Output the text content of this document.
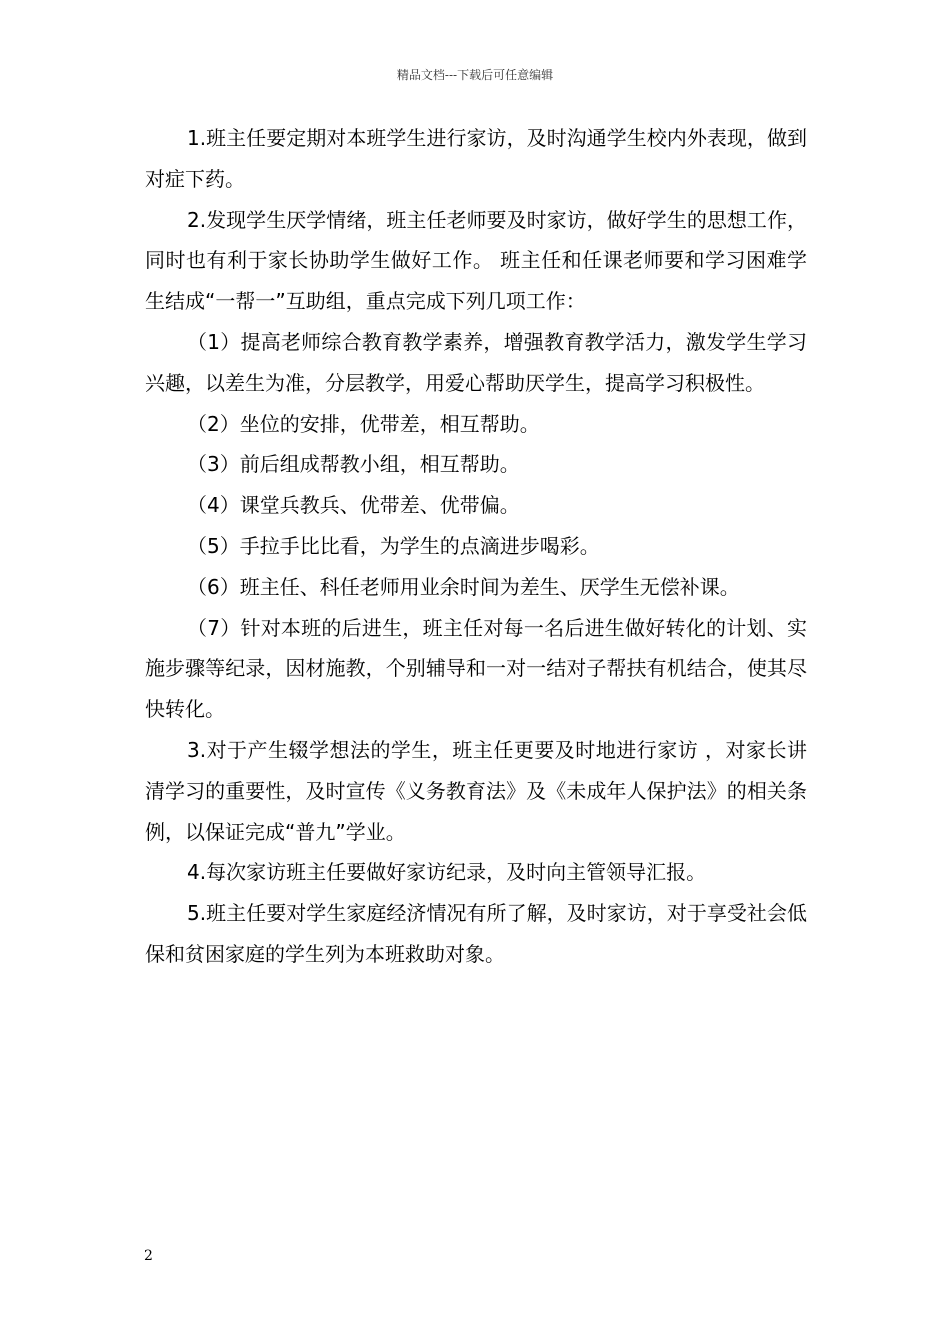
精品文档---下载后可任意编辑

1.班主任要定期对本班学生进行家访，及时沟通学生校内外表现，做到对症下药。

2.发现学生厌学情绪，班主任老师要及时家访，做好学生的思想工作，同时也有利于家长协助学生做好工作。 班主任和任课老师要和学习困难学生结成“一帮一”互助组，重点完成下列几项工作：

（1）提高老师综合教育教学素养，增强教育教学活力，激发学生学习兴趣，以差生为准，分层教学，用爱心帮助厌学生，提高学习积极性。

（2）坐位的安排，优带差，相互帮助。

（3）前后组成帮教小组，相互帮助。

（4）课堂兵教兵、优带差、优带偏。

（5）手拉手比比看，为学生的点滴进步喝彩。

（6）班主任、科任老师用业余时间为差生、厌学生无偿补课。

（7）针对本班的后进生，班主任对每一名后进生做好转化的计划、实施步骤等纪录，因材施教，个别辅导和一对一结对子帮扶有机结合，使其尽快转化。

3.对于产生辍学想法的学生，班主任更要及时地进行家访 ，对家长讲清学习的重要性，及时宣传《义务教育法》及《未成年人保护法》的相关条例，以保证完成“普九”学业。

4.每次家访班主任要做好家访纪录，及时向主管领导汇报。

5.班主任要对学生家庭经济情况有所了解，及时家访，对于享受社会低保和贫困家庭的学生列为本班救助对象。

2
